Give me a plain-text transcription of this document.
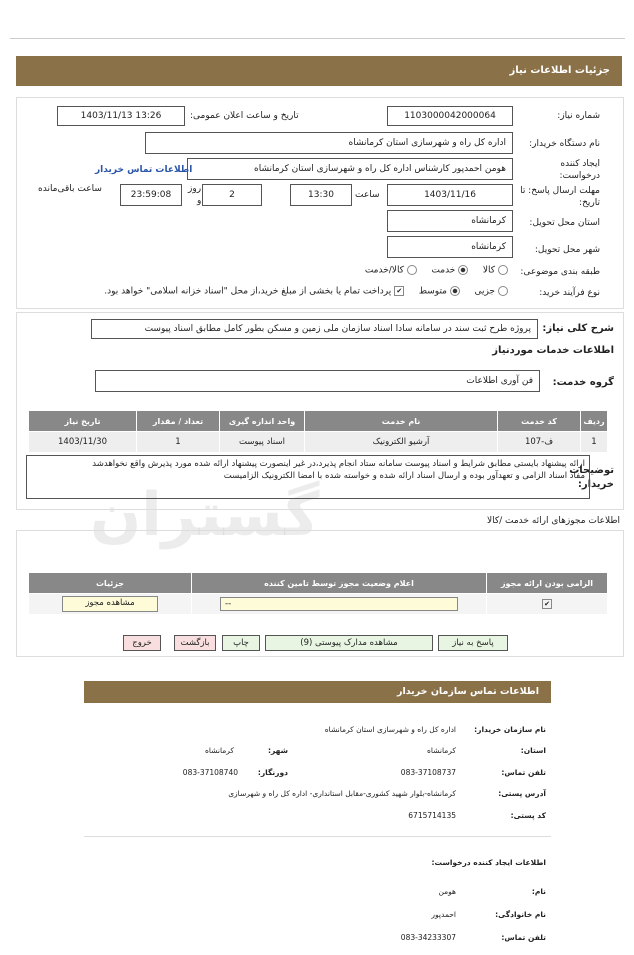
گستران
جزئیات اطلاعات نیاز
شماره نیاز:
1103000042000064
تاریخ و ساعت اعلان عمومی:
1403/11/13 13:26
نام دستگاه خریدار:
اداره کل راه و شهرسازی استان کرمانشاه
ایجاد کننده درخواست:
هومن احمدپور کارشناس اداره کل راه و شهرسازی استان کرمانشاه
اطلاعات تماس خریدار
مهلت ارسال پاسخ: تا تاریخ:
1403/11/16
ساعت
13:30
2
روز
و
23:59:08
ساعت باقی‌مانده
استان محل تحویل:
کرمانشاه
شهر محل تحویل:
کرمانشاه
طبقه بندی موضوعی:
کالا    خدمت    کالا/خدمت
نوع فرآیند خرید:
جزیی    متوسط    ✔پرداخت تمام یا بخشی از مبلغ خرید،از محل "اسناد خزانه اسلامی" خواهد بود.
شرح کلی نیاز:
پروژه طرح ثبت سند در سامانه سادا اسناد سازمان ملی زمین و مسکن بطور کامل مطابق اسناد پیوست
اطلاعات خدمات موردنیاز
گروه خدمت:
فن آوری اطلاعات
ردیف	کد خدمت	نام خدمت	واحد اندازه گیری	تعداد / مقدار	تاریخ نیاز
1	ف-107	آرشیو الکترونیک	اسناد پیوست	1	1403/11/30
توضیحات خریدار:
ارائه پیشنهاد بایستی مطابق شرایط و اسناد پیوست سامانه ستاد انجام پذیرد،در غیر اینصورت پیشنهاد ارائه شده مورد پذیرش واقع نخواهدشد
مفاد اسناد الزامی و تعهدآور بوده و ارسال اسناد ارائه شده و خواسته شده با امضا الکترونیک الزامیست
اطلاعات مجوزهای ارائه خدمت /کالا
الزامی بودن ارائه مجوز	اعلام وضعیت مجوز توسط تامین کننده	جزئیات
✔	--	مشاهده مجوز
پاسخ به نیاز
مشاهده مدارک پیوستی (9)
چاپ
بازگشت
خروج
اطلاعات تماس سازمان خریدار
نام سازمان خریدار:
اداره کل راه و شهرسازی استان کرمانشاه
استان:
کرمانشاه
شهر:
کرمانشاه
تلفن تماس:
083-37108737
دورنگار:
083-37108740
آدرس پستی:
کرمانشاه-بلوار شهید کشوری-مقابل استانداری- اداره کل راه و شهرسازی
کد پستی:
6715714135
اطلاعات ایجاد کننده درخواست:
نام:
هومن
نام خانوادگی:
احمدپور
تلفن تماس:
083-34233307
